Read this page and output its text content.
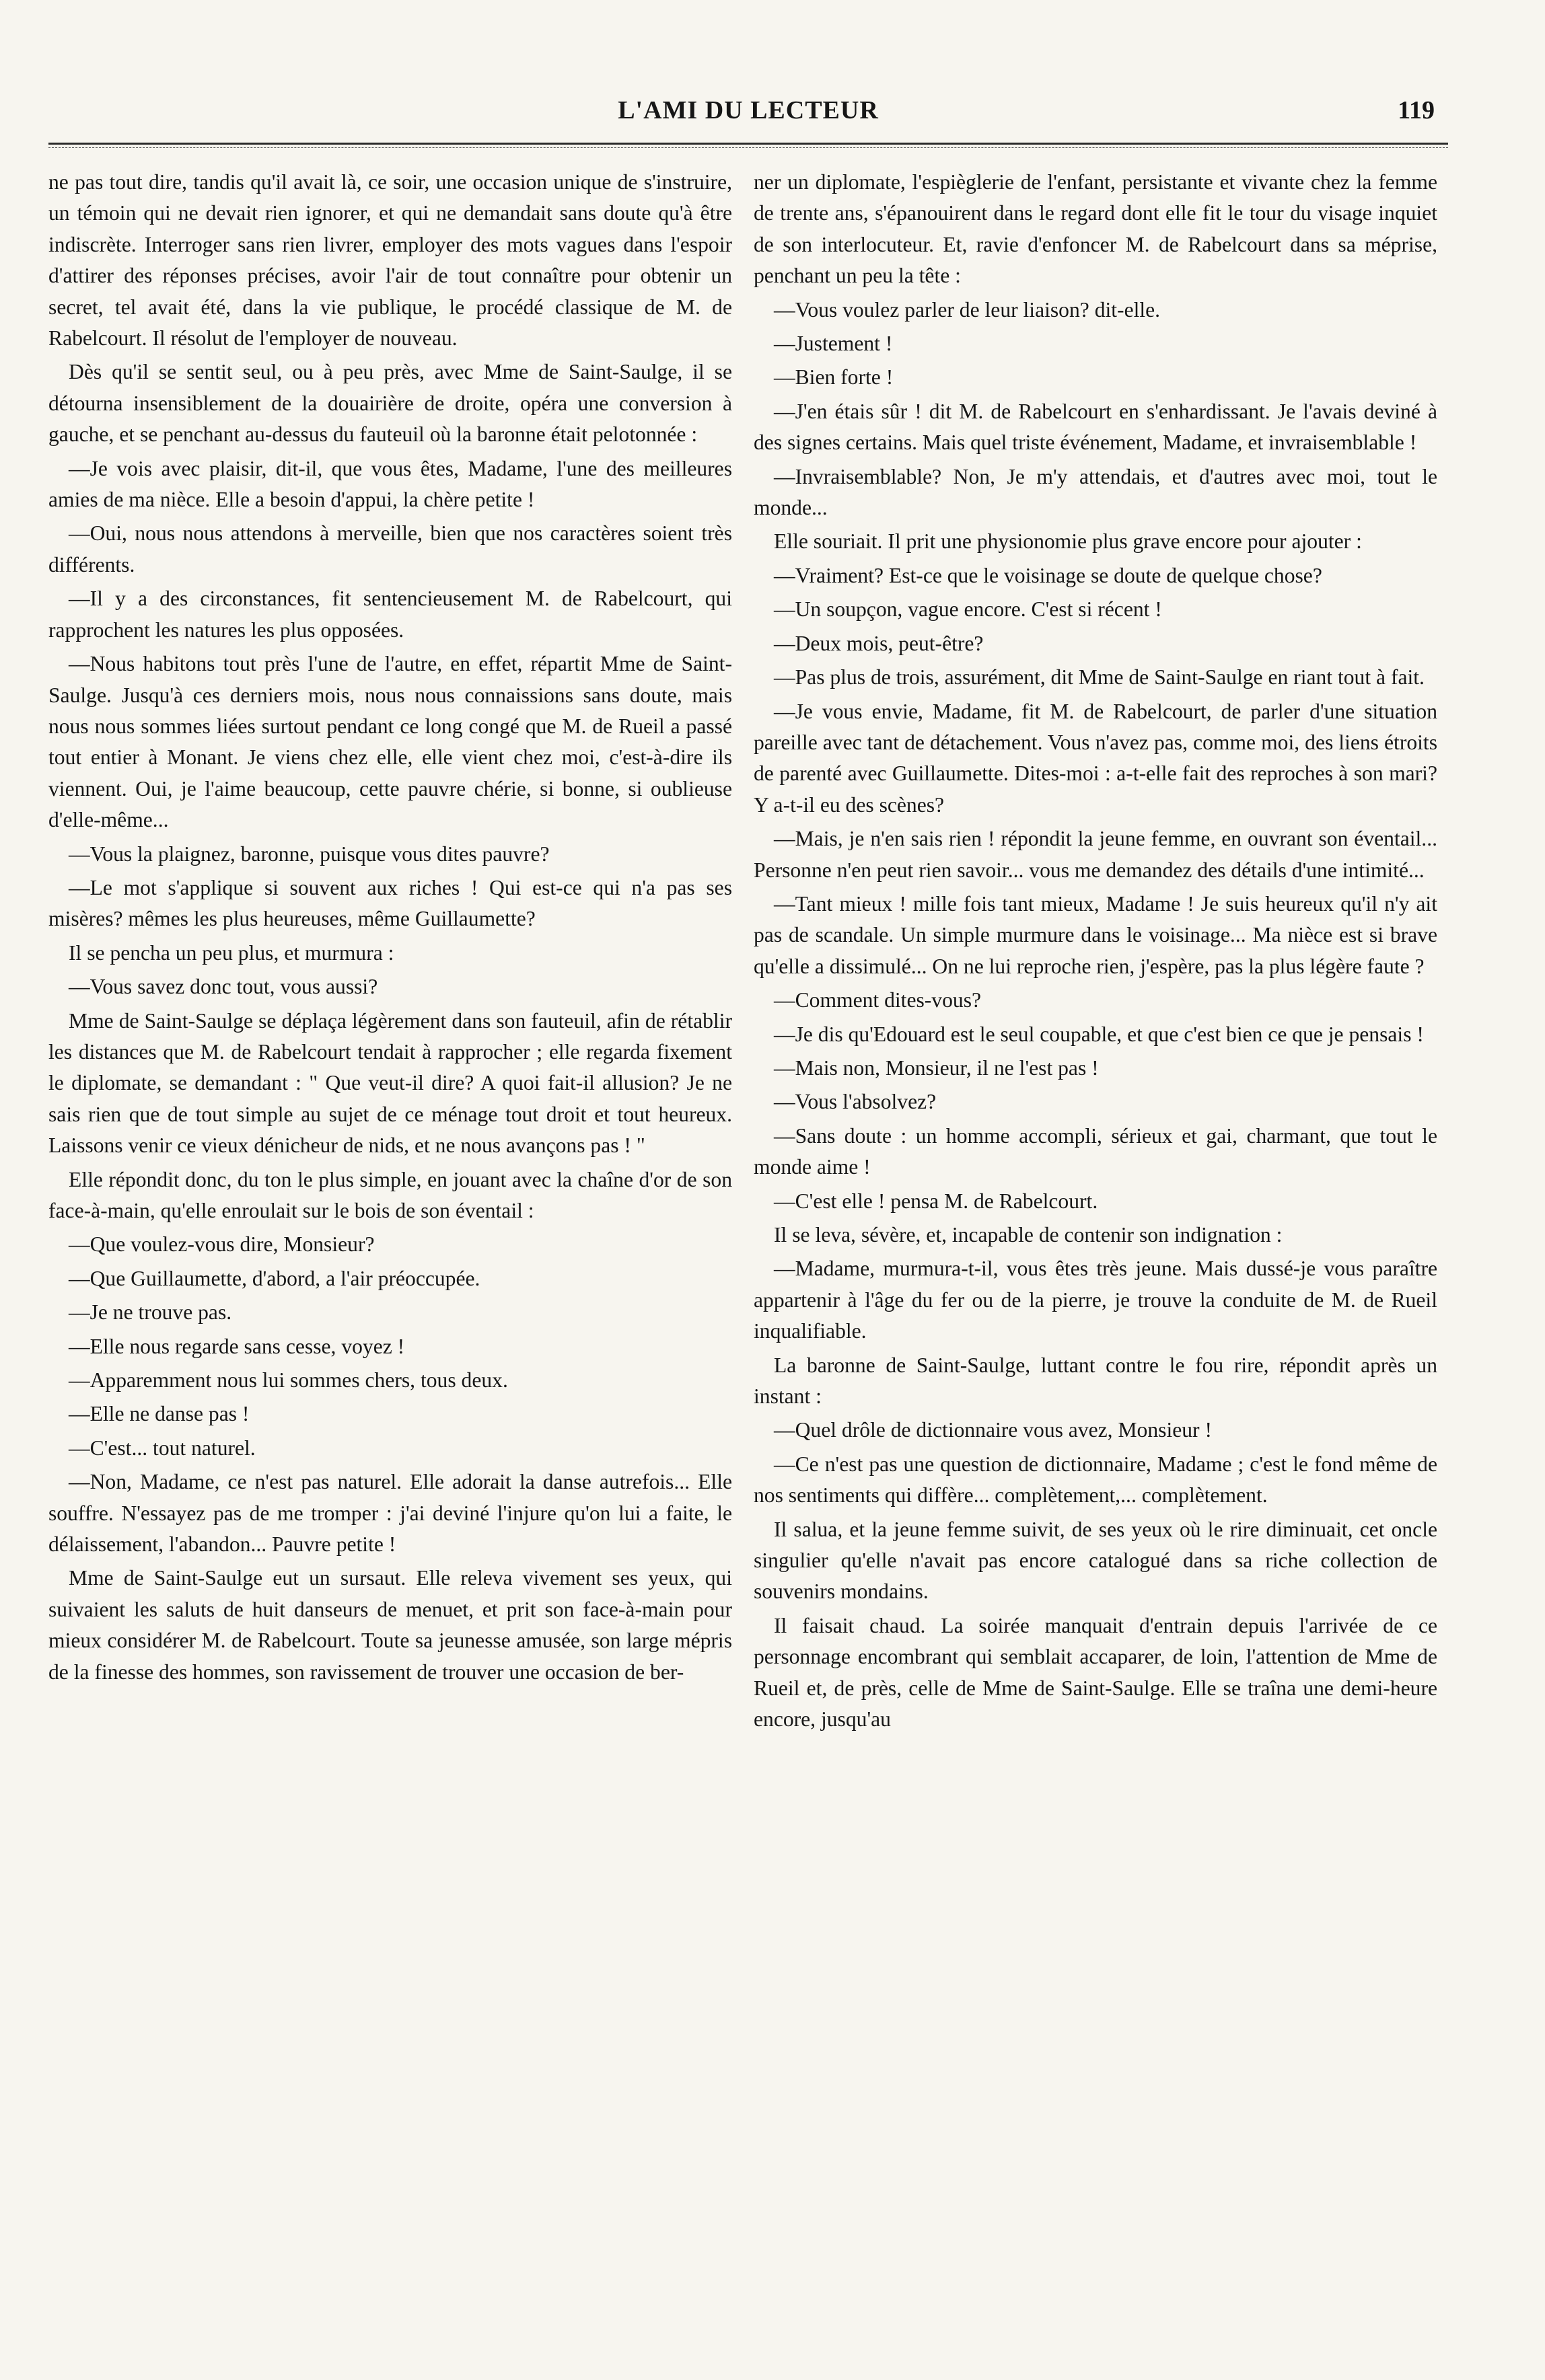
L'AMI DU LECTEUR	119

ne pas tout dire, tandis qu'il avait là, ce soir, une occasion unique de s'instruire, un témoin qui ne devait rien ignorer, et qui ne demandait sans doute qu'à être indiscrète. Interroger sans rien livrer, employer des mots vagues dans l'espoir d'attirer des réponses précises, avoir l'air de tout connaître pour obtenir un secret, tel avait été, dans la vie publique, le procédé classique de M. de Rabelcourt. Il résolut de l'employer de nouveau.

Dès qu'il se sentit seul, ou à peu près, avec Mme de Saint-Saulge, il se détourna insensiblement de la douairière de droite, opéra une conversion à gauche, et se penchant au-dessus du fauteuil où la baronne était pelotonnée :

—Je vois avec plaisir, dit-il, que vous êtes, Madame, l'une des meilleures amies de ma nièce. Elle a besoin d'appui, la chère petite !

—Oui, nous nous attendons à merveille, bien que nos caractères soient très différents.

—Il y a des circonstances, fit sentencieusement M. de Rabelcourt, qui rapprochent les natures les plus opposées.

—Nous habitons tout près l'une de l'autre, en effet, répartit Mme de Saint-Saulge. Jusqu'à ces derniers mois, nous nous connaissions sans doute, mais nous nous sommes liées surtout pendant ce long congé que M. de Rueil a passé tout entier à Monant. Je viens chez elle, elle vient chez moi, c'est-à-dire ils viennent. Oui, je l'aime beaucoup, cette pauvre chérie, si bonne, si oublieuse d'elle-même...

—Vous la plaignez, baronne, puisque vous dites pauvre?

—Le mot s'applique si souvent aux riches ! Qui est-ce qui n'a pas ses misères? mêmes les plus heureuses, même Guillaumette?

Il se pencha un peu plus, et murmura :

—Vous savez donc tout, vous aussi?

Mme de Saint-Saulge se déplaça légèrement dans son fauteuil, afin de rétablir les distances que M. de Rabelcourt tendait à rapprocher ; elle regarda fixement le diplomate, se demandant : " Que veut-il dire? A quoi fait-il allusion? Je ne sais rien que de tout simple au sujet de ce ménage tout droit et tout heureux. Laissons venir ce vieux dénicheur de nids, et ne nous avançons pas ! "

Elle répondit donc, du ton le plus simple, en jouant avec la chaîne d'or de son face-à-main, qu'elle enroulait sur le bois de son éventail :

—Que voulez-vous dire, Monsieur?

—Que Guillaumette, d'abord, a l'air préoccupée.

—Je ne trouve pas.

—Elle nous regarde sans cesse, voyez !

—Apparemment nous lui sommes chers, tous deux.

—Elle ne danse pas !

—C'est... tout naturel.

—Non, Madame, ce n'est pas naturel. Elle adorait la danse autrefois... Elle souffre. N'essayez pas de me tromper : j'ai deviné l'injure qu'on lui a faite, le délaissement, l'abandon... Pauvre petite !

Mme de Saint-Saulge eut un sursaut. Elle releva vivement ses yeux, qui suivaient les saluts de huit danseurs de menuet, et prit son face-à-main pour mieux considérer M. de Rabelcourt. Toute sa jeunesse amusée, son large mépris de la finesse des hommes, son ravissement de trouver une occasion de ber-

ner un diplomate, l'espièglerie de l'enfant, persistante et vivante chez la femme de trente ans, s'épanouirent dans le regard dont elle fit le tour du visage inquiet de son interlocuteur. Et, ravie d'enfoncer M. de Rabelcourt dans sa méprise, penchant un peu la tête :

—Vous voulez parler de leur liaison? dit-elle.

—Justement !

—Bien forte !

—J'en étais sûr ! dit M. de Rabelcourt en s'enhardissant. Je l'avais deviné à des signes certains. Mais quel triste événement, Madame, et invraisemblable !

—Invraisemblable? Non, Je m'y attendais, et d'autres avec moi, tout le monde...

Elle souriait. Il prit une physionomie plus grave encore pour ajouter :

—Vraiment? Est-ce que le voisinage se doute de quelque chose?

—Un soupçon, vague encore. C'est si récent !

—Deux mois, peut-être?

—Pas plus de trois, assurément, dit Mme de Saint-Saulge en riant tout à fait.

—Je vous envie, Madame, fit M. de Rabelcourt, de parler d'une situation pareille avec tant de détachement. Vous n'avez pas, comme moi, des liens étroits de parenté avec Guillaumette. Dites-moi : a-t-elle fait des reproches à son mari? Y a-t-il eu des scènes?

—Mais, je n'en sais rien ! répondit la jeune femme, en ouvrant son éventail... Personne n'en peut rien savoir... vous me demandez des détails d'une intimité...

—Tant mieux ! mille fois tant mieux, Madame ! Je suis heureux qu'il n'y ait pas de scandale. Un simple murmure dans le voisinage... Ma nièce est si brave qu'elle a dissimulé... On ne lui reproche rien, j'espère, pas la plus légère faute ?

—Comment dites-vous?

—Je dis qu'Edouard est le seul coupable, et que c'est bien ce que je pensais !

—Mais non, Monsieur, il ne l'est pas !

—Vous l'absolvez?

—Sans doute : un homme accompli, sérieux et gai, charmant, que tout le monde aime !

—C'est elle ! pensa M. de Rabelcourt.

Il se leva, sévère, et, incapable de contenir son indignation :

—Madame, murmura-t-il, vous êtes très jeune. Mais dussé-je vous paraître appartenir à l'âge du fer ou de la pierre, je trouve la conduite de M. de Rueil inqualifiable.

La baronne de Saint-Saulge, luttant contre le fou rire, répondit après un instant :

—Quel drôle de dictionnaire vous avez, Monsieur !

—Ce n'est pas une question de dictionnaire, Madame ; c'est le fond même de nos sentiments qui diffère... complètement,... complètement.

Il salua, et la jeune femme suivit, de ses yeux où le rire diminuait, cet oncle singulier qu'elle n'avait pas encore catalogué dans sa riche collection de souvenirs mondains.

Il faisait chaud. La soirée manquait d'entrain depuis l'arrivée de ce personnage encombrant qui semblait accaparer, de loin, l'attention de Mme de Rueil et, de près, celle de Mme de Saint-Saulge. Elle se traîna une demi-heure encore, jusqu'au
